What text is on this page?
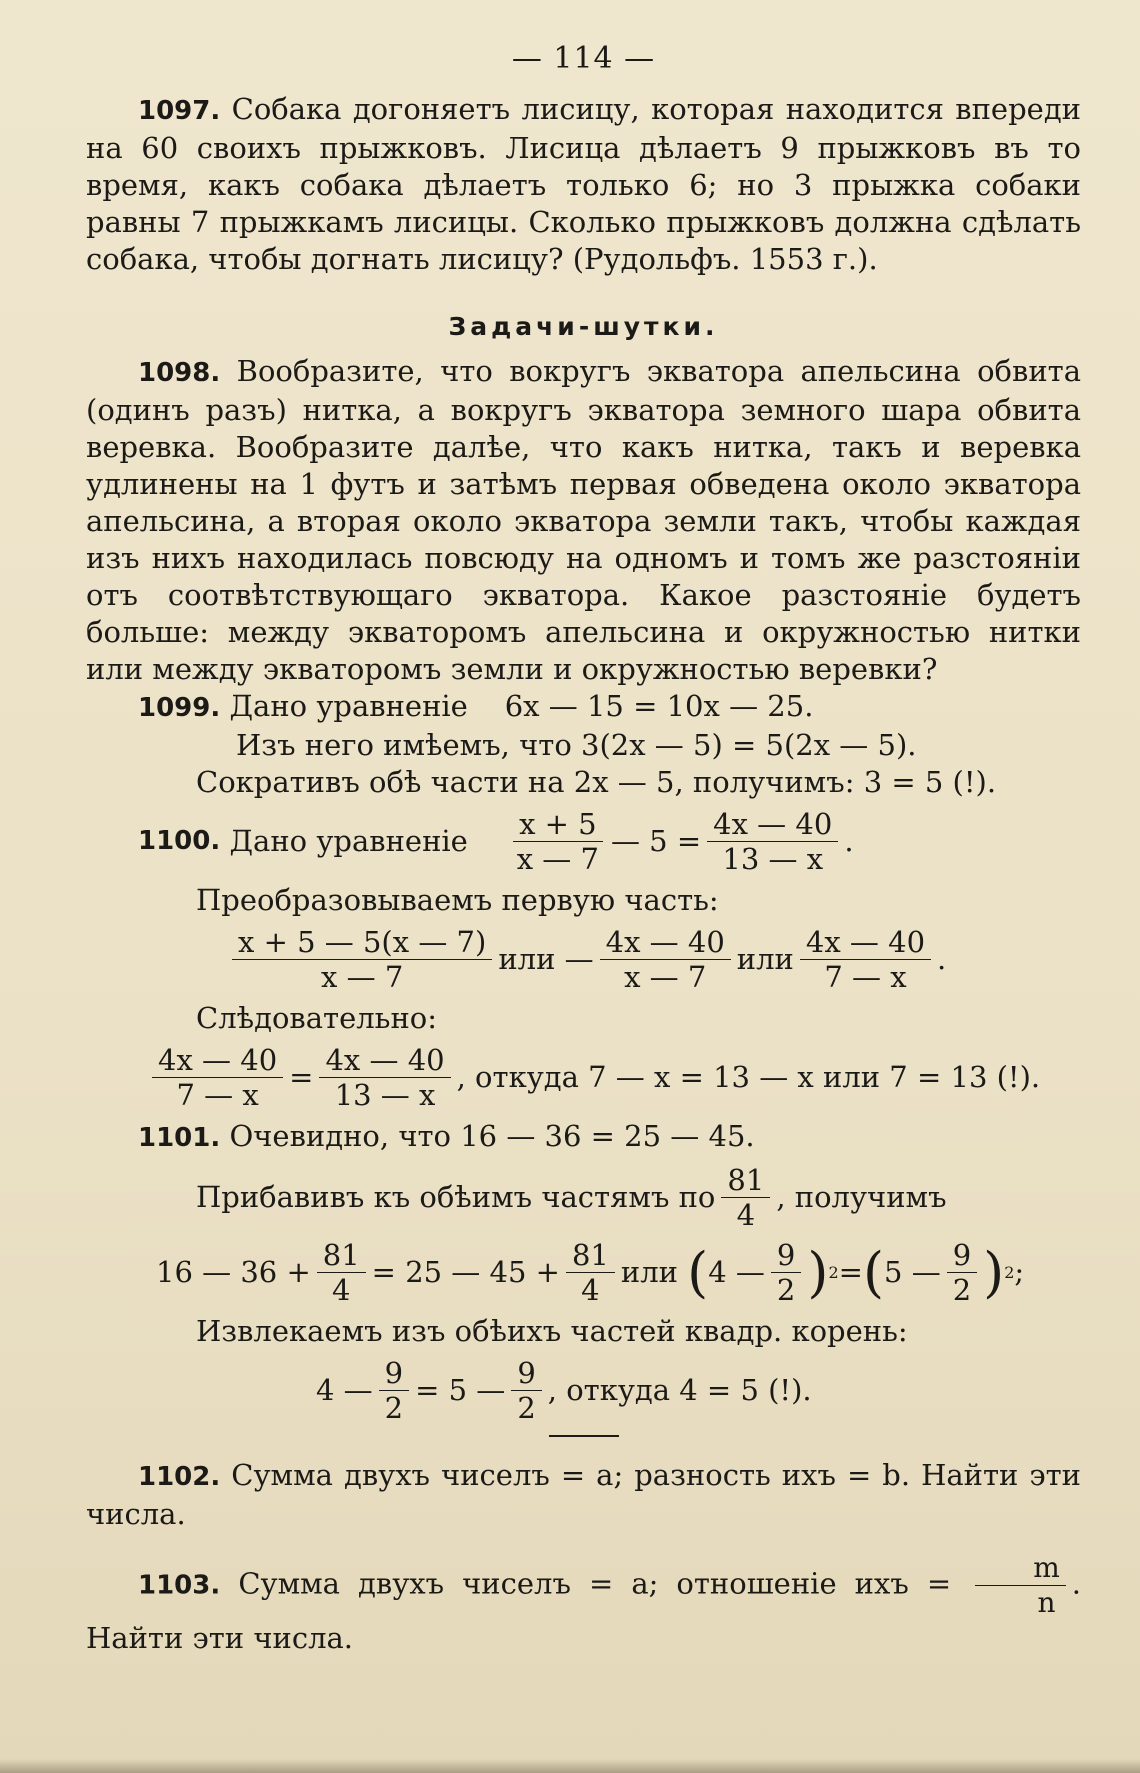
— 114 —

1097. Собака догоняетъ лисицу, которая находится впереди на 60 своихъ прыжковъ. Лисица дѣлаетъ 9 прыжковъ въ то время, какъ собака дѣлаетъ только 6; но 3 прыжка собаки равны 7 прыжкамъ лисицы. Сколько прыжковъ должна сдѣлать собака, чтобы догнать лисицу? (Рудольфъ. 1553 г.).

Задачи-шутки.

1098. Вообразите, что вокругъ экватора апельсина обвита (одинъ разъ) нитка, а вокругъ экватора земного шара обвита веревка. Вообразите далѣе, что какъ нитка, такъ и веревка удлинены на 1 футъ и затѣмъ первая обведена около экватора апельсина, а вторая около экватора земли такъ, чтобы каждая изъ нихъ находилась повсюду на одномъ и томъ же разстояніи отъ соотвѣтствующаго экватора. Какое разстояніе будетъ больше: между экваторомъ апельсина и окружностью нитки или между экваторомъ земли и окружностью веревки?

1099. Дано уравненіе 6x — 15 = 10x — 25.

Изъ него имѣемъ, что 3(2x — 5) = 5(2x — 5).

Сокративъ обѣ части на 2x — 5, получимъ: 3 = 5 (!).

1100.
Дано уравненіе
$\frac{x + 5}{x — 7}$ — $5 = \frac{4x — 40}{13 — x}$ .

Преобразовываемъ первую часть:

$\frac{x + 5 — 5(x — 7)}{x — 7}$ или — $\frac{4x — 40}{x — 7}$ или $\frac{4x — 40}{7 — x}$ .

Слѣдовательно:

$\frac{4x — 40}{7 — x} = \frac{4x — 40}{13 — x}$ , откуда 7 — x = 13 — x или 7 = 13 (!).

1101. Очевидно, что 16 — 36 = 25 — 45.

Прибавивъ къ обѣимъ частямъ по $\frac{81}{4}$ , получимъ
16 — $36 + \frac{81}{4} = 25$ — $45 + \frac{81}{4}$ или
( 4 — $\frac{9}{2}$ ) 2 = ( 5 — $\frac{9}{2}$ ) 2 ;

Извлекаемъ изъ обѣихъ частей квадр. корень:

4 — $\frac{9}{2} = 5$ — $\frac{9}{2}$ , откуда 4 = 5 (!).

1102. Сумма двухъ чиселъ = a; разность ихъ = b. Найти эти числа.

1103. Сумма двухъ чиселъ = a; отношеніе ихъ = $\frac{m}{n}$ . Найти эти числа.
